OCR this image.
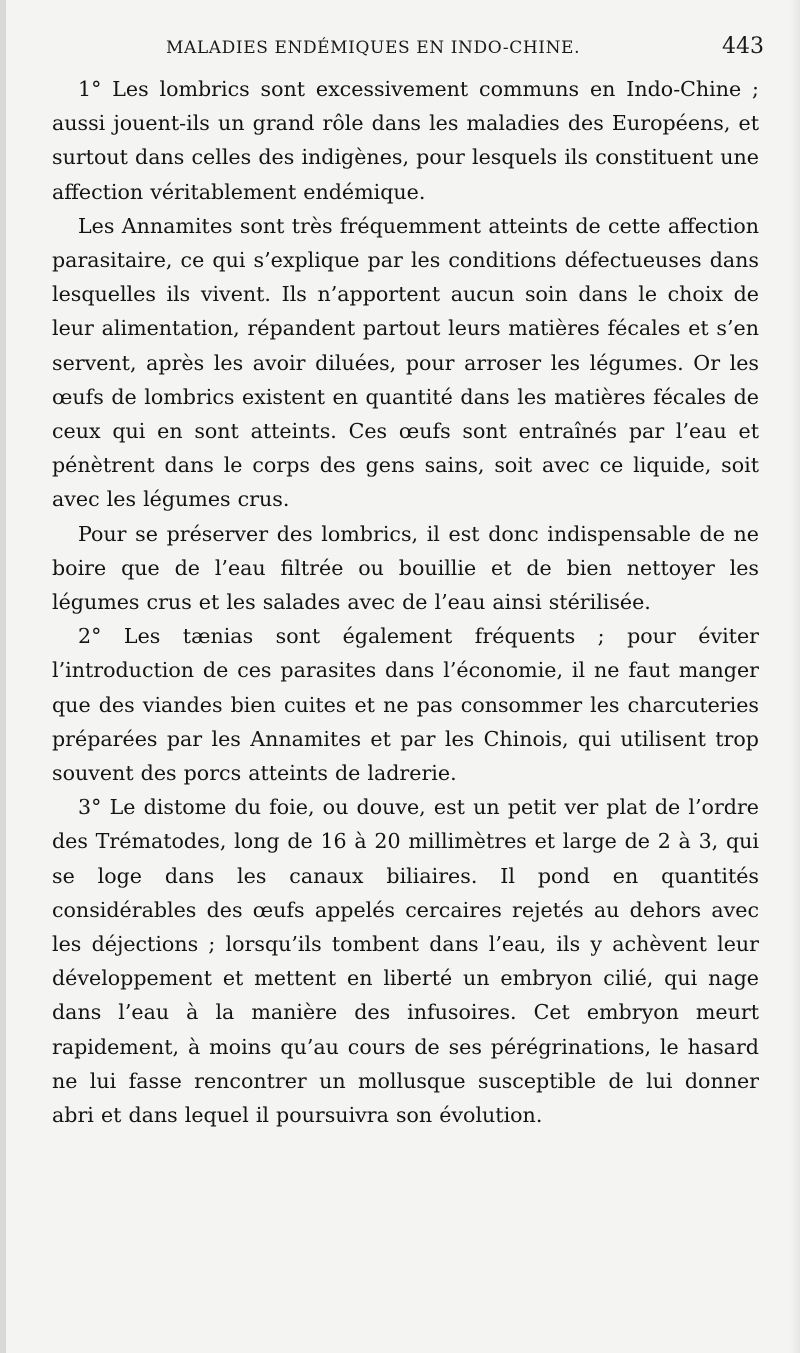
MALADIES ENDÉMIQUES EN INDO-CHINE.	443

1° Les lombrics sont excessivement communs en Indo-Chine ; aussi jouent-ils un grand rôle dans les maladies des Européens, et surtout dans celles des indigènes, pour lesquels ils constituent une affection véritablement endémique.

Les Annamites sont très fréquemment atteints de cette affection parasitaire, ce qui s’explique par les conditions défectueuses dans lesquelles ils vivent. Ils n’apportent aucun soin dans le choix de leur alimentation, répandent partout leurs matières fécales et s’en servent, après les avoir diluées, pour arroser les légumes. Or les œufs de lombrics existent en quantité dans les matières fécales de ceux qui en sont atteints. Ces œufs sont entraînés par l’eau et pénètrent dans le corps des gens sains, soit avec ce liquide, soit avec les légumes crus.

Pour se préserver des lombrics, il est donc indispensable de ne boire que de l’eau filtrée ou bouillie et de bien nettoyer les légumes crus et les salades avec de l’eau ainsi stérilisée.

2° Les tænias sont également fréquents ; pour éviter l’introduction de ces parasites dans l’économie, il ne faut manger que des viandes bien cuites et ne pas consommer les charcuteries préparées par les Annamites et par les Chinois, qui utilisent trop souvent des porcs atteints de ladrerie.

3° Le distome du foie, ou douve, est un petit ver plat de l’ordre des Trématodes, long de 16 à 20 millimètres et large de 2 à 3, qui se loge dans les canaux biliaires. Il pond en quantités considérables des œufs appelés cercaires rejetés au dehors avec les déjections ; lorsqu’ils tombent dans l’eau, ils y achèvent leur développement et mettent en liberté un embryon cilié, qui nage dans l’eau à la manière des infusoires. Cet embryon meurt rapidement, à moins qu’au cours de ses pérégrinations, le hasard ne lui fasse rencontrer un mollusque susceptible de lui donner abri et dans lequel il poursuivra son évolution.
